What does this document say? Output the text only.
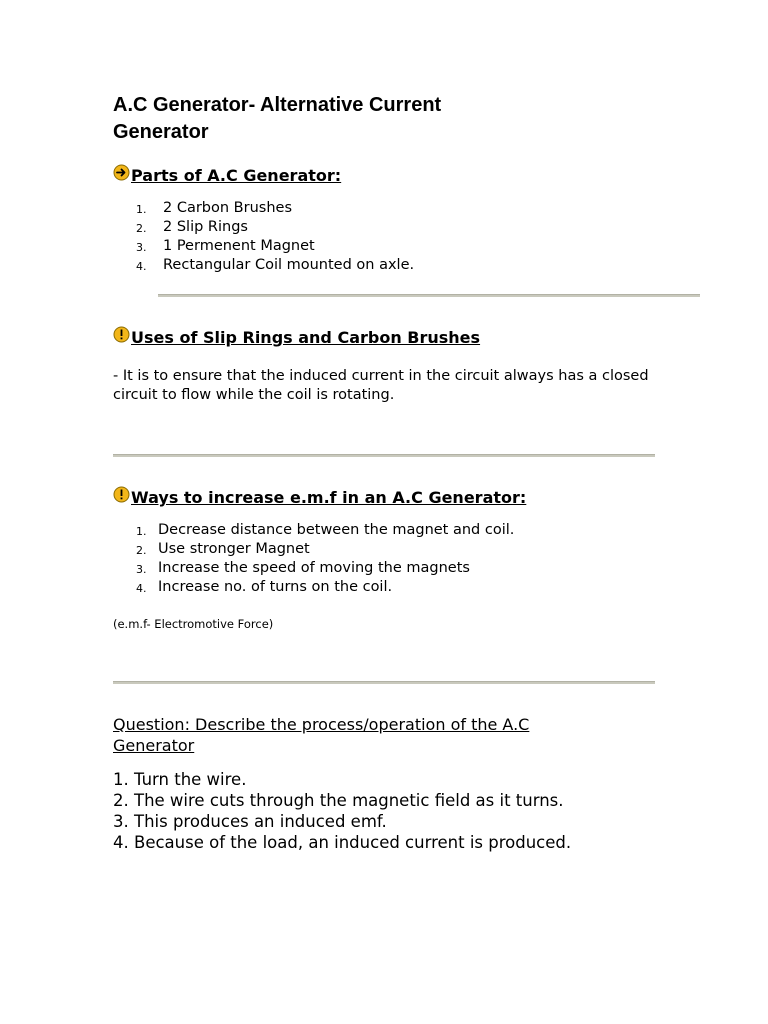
A.C Generator- Alternative Current Generator
Parts of A.C Generator:
1. 2 Carbon Brushes
2. 2 Slip Rings
3. 1 Permenent Magnet
4. Rectangular Coil mounted on axle.
Uses of Slip Rings and Carbon Brushes

- It is to ensure that the induced current in the circuit always has a closed circuit to flow while the coil is rotating.

Ways to increase e.m.f in an A.C Generator:
1. Decrease distance between the magnet and coil.
2. Use stronger Magnet
3. Increase the speed of moving the magnets
4. Increase no. of turns on the coil.

(e.m.f- Electromotive Force)

Question: Describe the process/operation of the A.C Generator

1. Turn the wire.
2. The wire cuts through the magnetic field as it turns.
3. This produces an induced emf.
4. Because of the load, an induced current is produced.
